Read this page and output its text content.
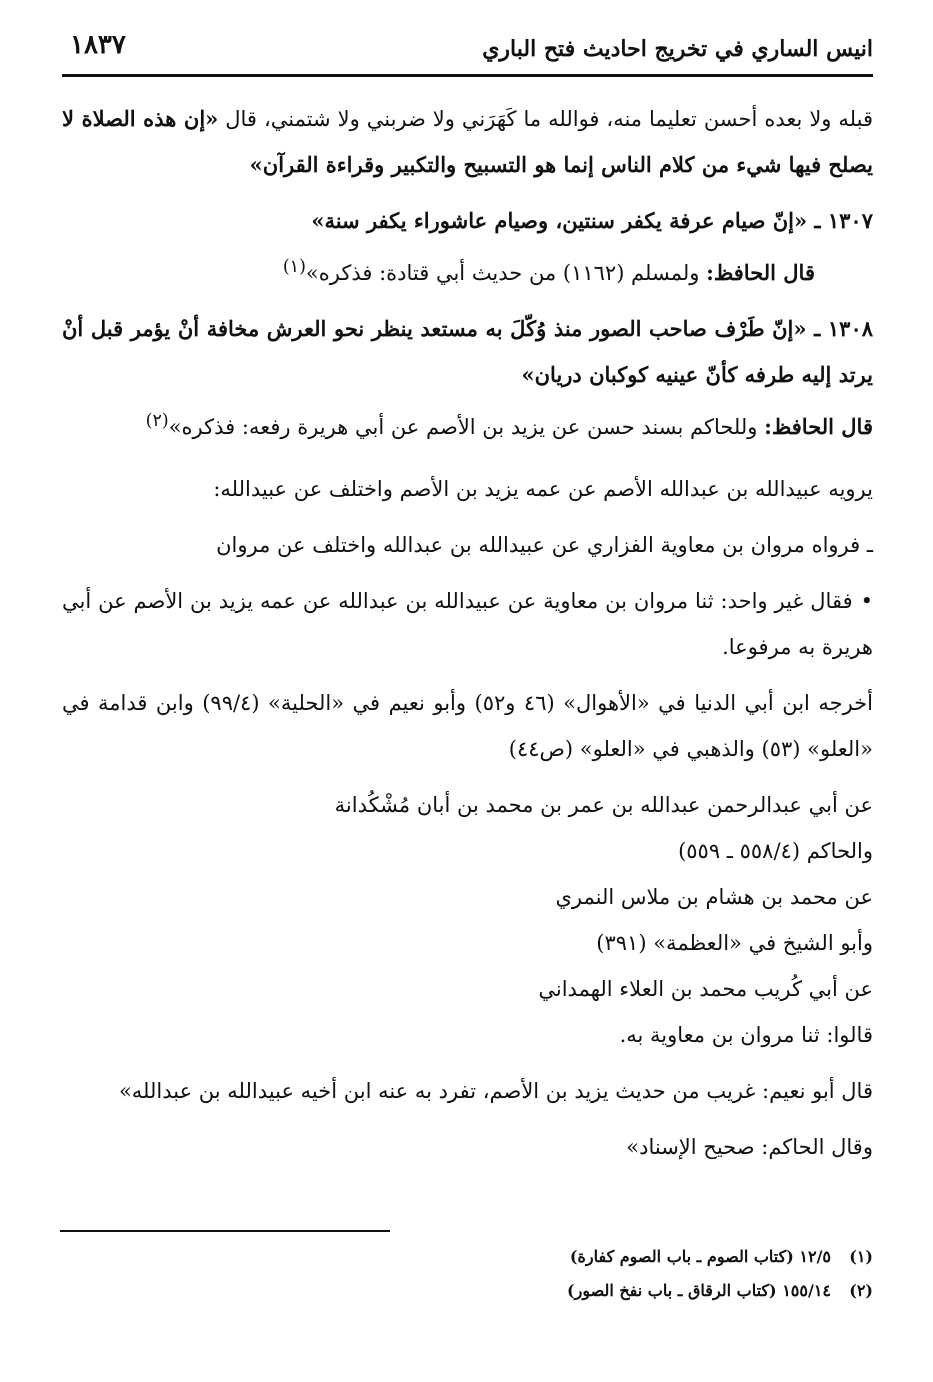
انيس الساري في تخريج احاديث فتح الباري
١٨٣٧

قبله ولا بعده أحسن تعليما منه، فوالله ما كَهَرَني ولا ضربني ولا شتمني، قال «إن هذه الصلاة لا يصلح فيها شيء من كلام الناس إنما هو التسبيح والتكبير وقراءة القرآن»

١٣٠٧ ـ «إنّ صيام عرفة يكفر سنتين، وصيام عاشوراء يكفر سنة»

قال الحافظ: ولمسلم (١١٦٢) من حديث أبي قتادة: فذكره»$^{(١)}$

١٣٠٨ ـ «إنّ طَرْف صاحب الصور منذ وُكّلَ به مستعد ينظر نحو العرش مخافة أنْ يؤمر قبل أنْ يرتد إليه طرفه كأنّ عينيه كوكبان دريان»

قال الحافظ: وللحاكم بسند حسن عن يزيد بن الأصم عن أبي هريرة رفعه: فذكره»$^{(٢)}$

يرويه عبيدالله بن عبدالله الأصم عن عمه يزيد بن الأصم واختلف عن عبيدالله:

ـ فرواه مروان بن معاوية الفزاري عن عبيدالله بن عبدالله واختلف عن مروان

•فقال غير واحد: ثنا مروان بن معاوية عن عبيدالله بن عبدالله عن عمه يزيد بن الأصم عن أبي هريرة به مرفوعا.

أخرجه ابن أبي الدنيا في «الأهوال» (٤٦ و٥٢) وأبو نعيم في «الحلية» (٩٩/٤) وابن قدامة في «العلو» (٥٣) والذهبي في «العلو» (ص٤٤)

عن أبي عبدالرحمن عبدالله بن عمر بن محمد بن أبان مُشْكُدانة

والحاكم (٥٥٨/٤ ـ ٥٥٩)

عن محمد بن هشام بن ملاس النمري

وأبو الشيخ في «العظمة» (٣٩١)

عن أبي كُريب محمد بن العلاء الهمداني

قالوا: ثنا مروان بن معاوية به.

قال أبو نعيم: غريب من حديث يزيد بن الأصم، تفرد به عنه ابن أخيه عبيدالله بن عبدالله»

وقال الحاكم: صحيح الإسناد»

(١)١٢/٥ (كتاب الصوم ـ باب الصوم كفارة)
(٢)١٥٥/١٤ (كتاب الرقاق ـ باب نفخ الصور)
